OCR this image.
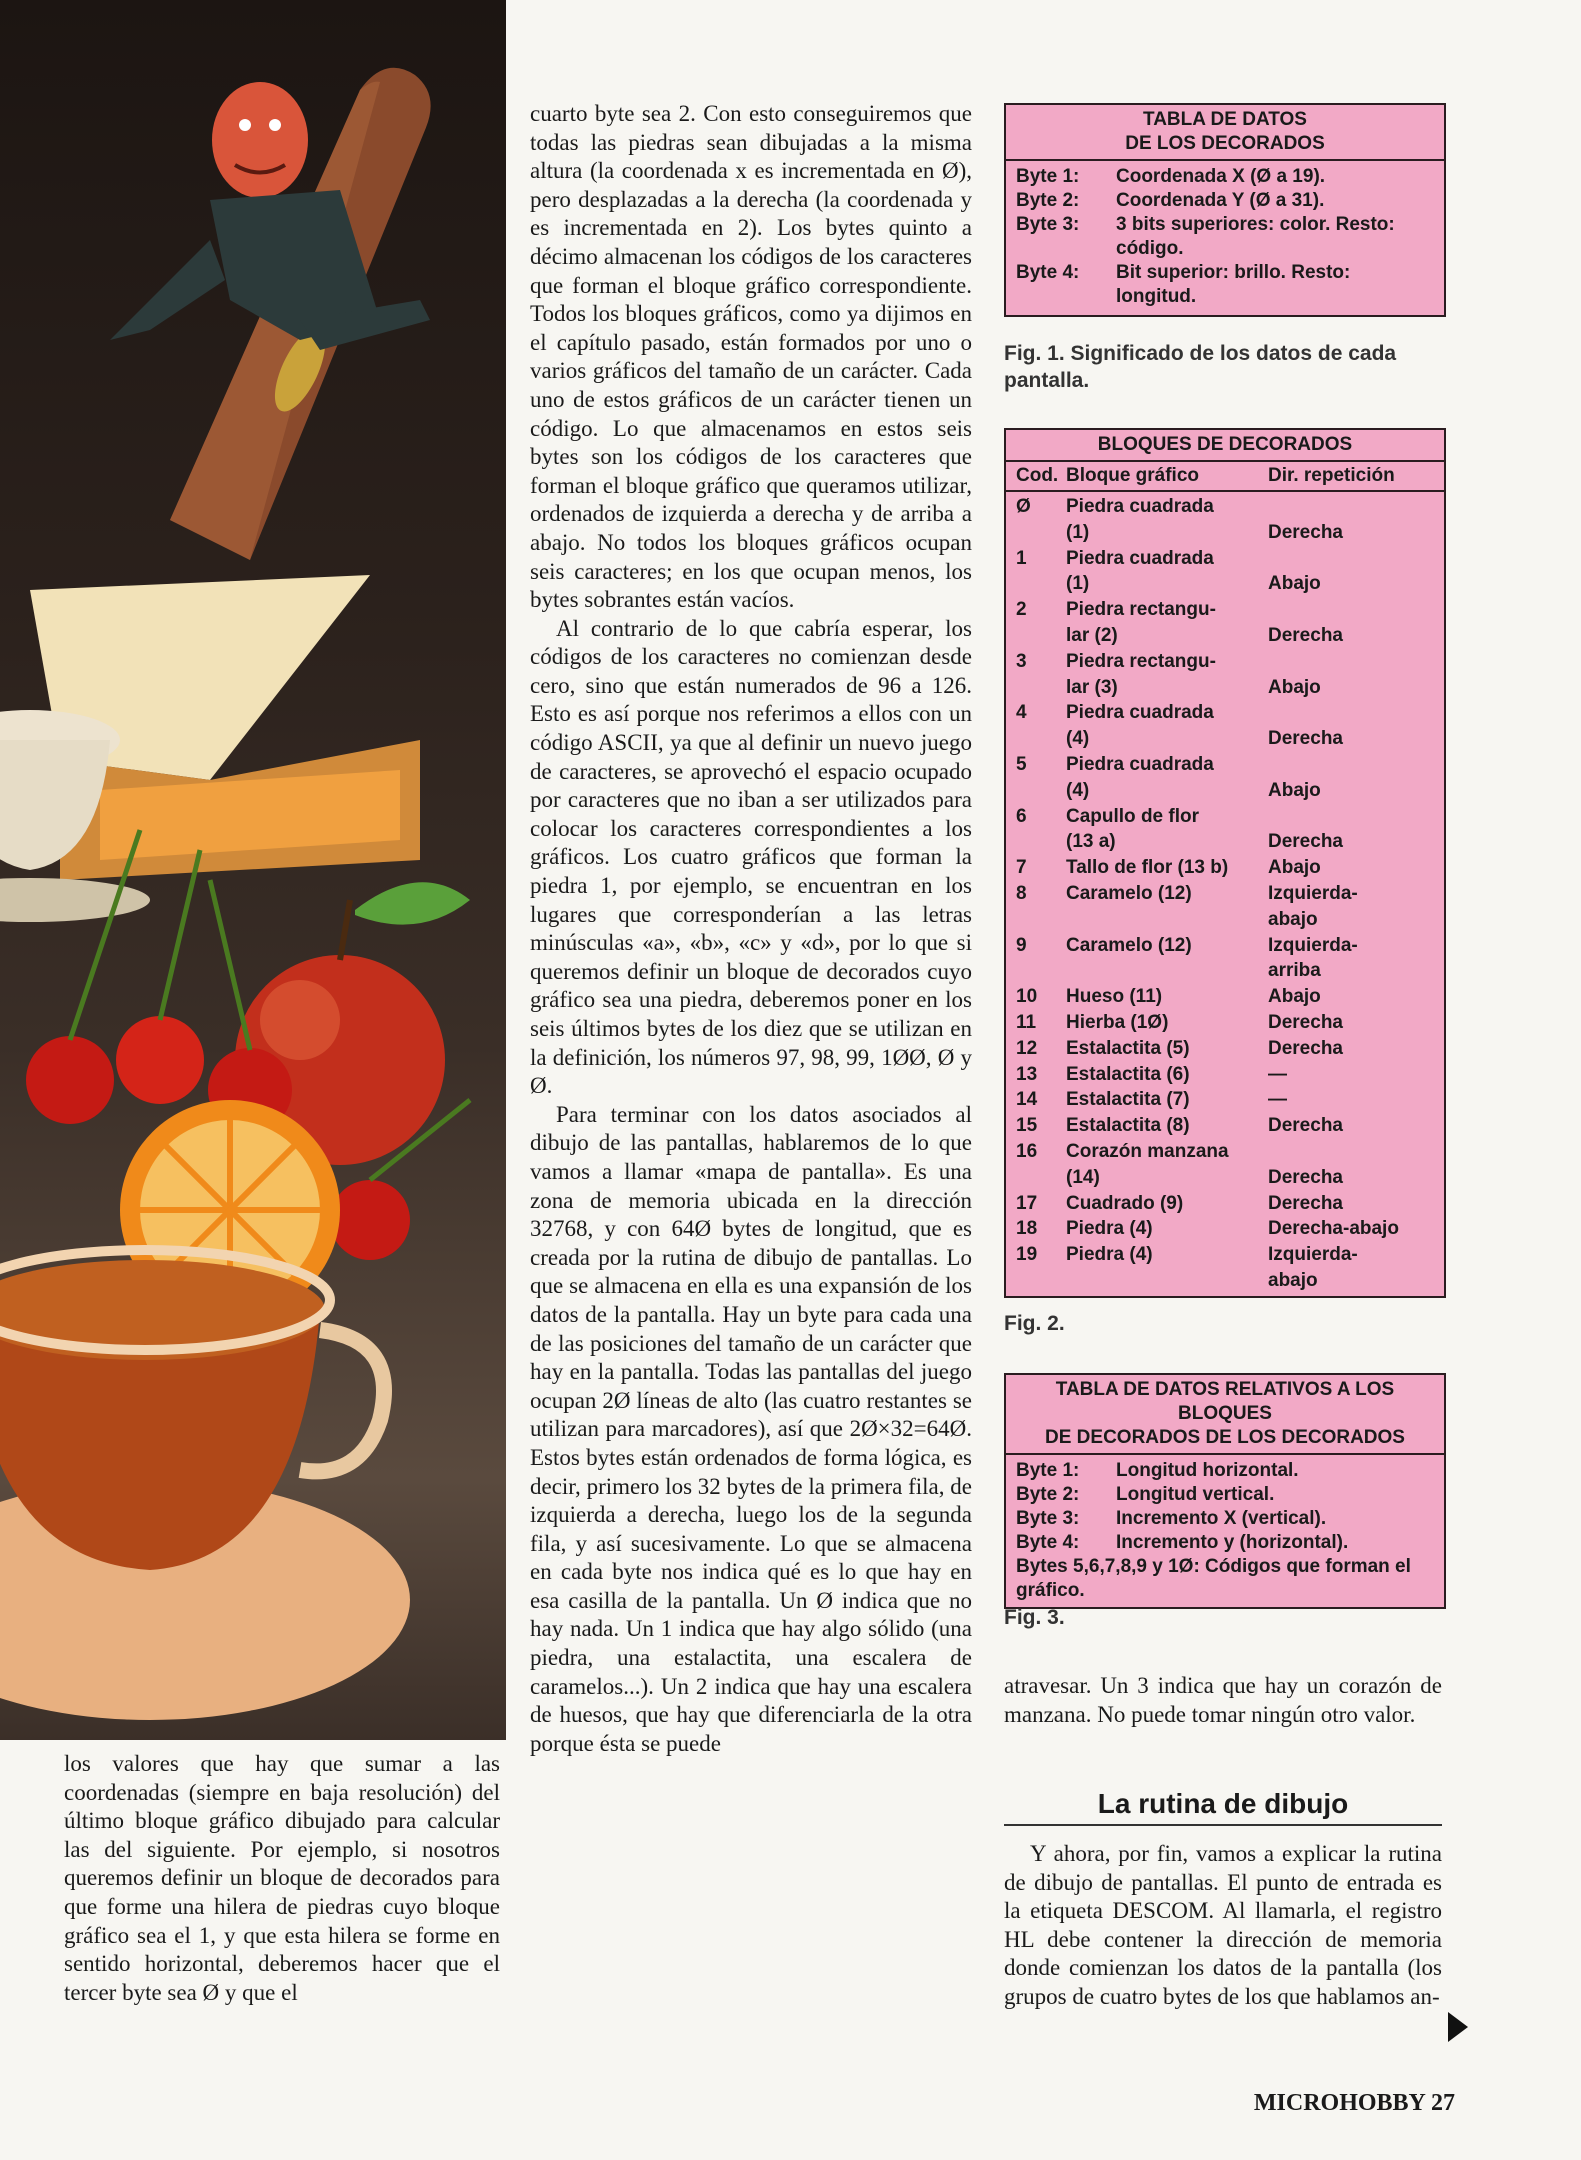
los valores que hay que sumar a las coordenadas (siempre en baja resolución) del último bloque gráfico dibujado para calcular las del siguiente. Por ejemplo, si nosotros queremos definir un bloque de decorados para que forme una hilera de piedras cuyo bloque gráfico sea el 1, y que esta hilera se forme en sentido horizontal, deberemos hacer que el tercer byte sea Ø y que el

cuarto byte sea 2. Con esto conseguiremos que todas las piedras sean dibujadas a la misma altura (la coordenada x es incrementada en Ø), pero desplazadas a la derecha (la coordenada y es incrementada en 2). Los bytes quinto a décimo almacenan los códigos de los caracteres que forman el bloque gráfico correspondiente. Todos los bloques gráficos, como ya dijimos en el capítulo pasado, están formados por uno o varios gráficos del tamaño de un carácter. Cada uno de estos gráficos de un carácter tienen un código. Lo que almacenamos en estos seis bytes son los códigos de los caracteres que forman el bloque gráfico que queramos utilizar, ordenados de izquierda a derecha y de arriba a abajo. No todos los bloques gráficos ocupan seis caracteres; en los que ocupan menos, los bytes sobrantes están vacíos.

Al contrario de lo que cabría esperar, los códigos de los caracteres no comienzan desde cero, sino que están numerados de 96 a 126. Esto es así porque nos referimos a ellos con un código ASCII, ya que al definir un nuevo juego de caracteres, se aprovechó el espacio ocupado por caracteres que no iban a ser utilizados para colocar los caracteres correspondientes a los gráficos. Los cuatro gráficos que forman la piedra 1, por ejemplo, se encuentran en los lugares que corresponderían a las letras minúsculas «a», «b», «c» y «d», por lo que si queremos definir un bloque de decorados cuyo gráfico sea una piedra, deberemos poner en los seis últimos bytes de los diez que se utilizan en la definición, los números 97, 98, 99, 1ØØ, Ø y Ø.

Para terminar con los datos asociados al dibujo de las pantallas, hablaremos de lo que vamos a llamar «mapa de pantalla». Es una zona de memoria ubicada en la dirección 32768, y con 64Ø bytes de longitud, que es creada por la rutina de dibujo de pantallas. Lo que se almacena en ella es una expansión de los datos de la pantalla. Hay un byte para cada una de las posiciones del tamaño de un carácter que hay en la pantalla. Todas las pantallas del juego ocupan 2Ø líneas de alto (las cuatro restantes se utilizan para marcadores), así que 2Ø×32=64Ø. Estos bytes están ordenados de forma lógica, es decir, primero los 32 bytes de la primera fila, de izquierda a derecha, luego los de la segunda fila, y así sucesivamente. Lo que se almacena en cada byte nos indica qué es lo que hay en esa casilla de la pantalla. Un Ø indica que no hay nada. Un 1 indica que hay algo sólido (una piedra, una estalactita, una escalera de caramelos...). Un 2 indica que hay una escalera de huesos, que hay que diferenciarla de la otra porque ésta se puede

TABLA DE DATOS
DE LOS DECORADOS
Byte 1:	Coordenada X (Ø a 19).
Byte 2:	Coordenada Y (Ø a 31).
Byte 3:	3 bits superiores: color. Resto: código.
Byte 4:	Bit superior: brillo. Resto: longitud.
Fig. 1. Significado de los datos de cada pantalla.
BLOQUES DE DECORADOS
Cod. Bloque gráfico	Dir. repetición
Ø	Piedra cuadrada
(1)	Derecha
1	Piedra cuadrada
(1)	Abajo
2	Piedra rectangu-
lar (2)	Derecha
3	Piedra rectangu-
lar (3)	Abajo
4	Piedra cuadrada
(4)	Derecha
5	Piedra cuadrada
(4)	Abajo
6	Capullo de flor
(13 a)	Derecha
7	Tallo de flor (13 b)	Abajo
8	Caramelo (12)	Izquierda-
abajo
9	Caramelo (12)	Izquierda-
arriba
10	Hueso (11)	Abajo
11	Hierba (1Ø)	Derecha
12	Estalactita (5)	Derecha
13	Estalactita (6)	—
14	Estalactita (7)	—
15	Estalactita (8)	Derecha
16	Corazón manzana
(14)	Derecha
17	Cuadrado (9)	Derecha
18	Piedra (4)	Derecha-abajo
19	Piedra (4)	Izquierda-
abajo
Fig. 2.
TABLA DE DATOS RELATIVOS A LOS BLOQUES
DE DECORADOS DE LOS DECORADOS
Byte 1:	Longitud horizontal.
Byte 2:	Longitud vertical.
Byte 3:	Incremento X (vertical).
Byte 4:	Incremento y (horizontal).
Bytes 5,6,7,8,9 y 1Ø: Códigos que forman el gráfico.
Fig. 3.

atravesar. Un 3 indica que hay un corazón de manzana. No puede tomar ningún otro valor.

La rutina de dibujo

Y ahora, por fin, vamos a explicar la rutina de dibujo de pantallas. El punto de entrada es la etiqueta DESCOM. Al llamarla, el registro HL debe contener la dirección de memoria donde comienzan los datos de la pantalla (los grupos de cuatro bytes de los que hablamos an-

MICROHOBBY 27
